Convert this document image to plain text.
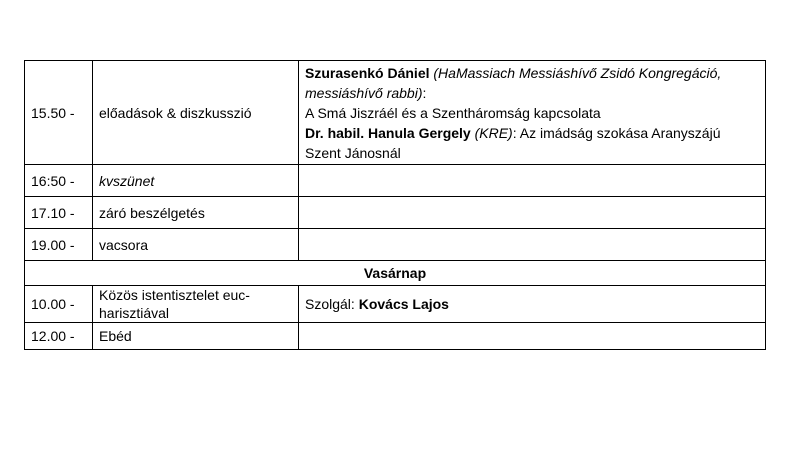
15.50 -	előadások & diszkusszió	Szurasenkó Dániel (HaMassiach Messiáshívő Zsidó Kongregáció, messiáshívő rabbi):
A Smá Jiszráél és a Szentháromság kapcsolata
Dr. habil. Hanula Gergely (KRE): Az imádság szokása Aranyszájú Szent Jánosnál
16:50 -	kvszünet	
17.10 -	záró beszélgetés	
19.00 -	vacsora	
Vasárnap		
10.00 -	Közös istentisztelet euc-harisztiával	Szolgál: Kovács Lajos
12.00 -	Ebéd	
